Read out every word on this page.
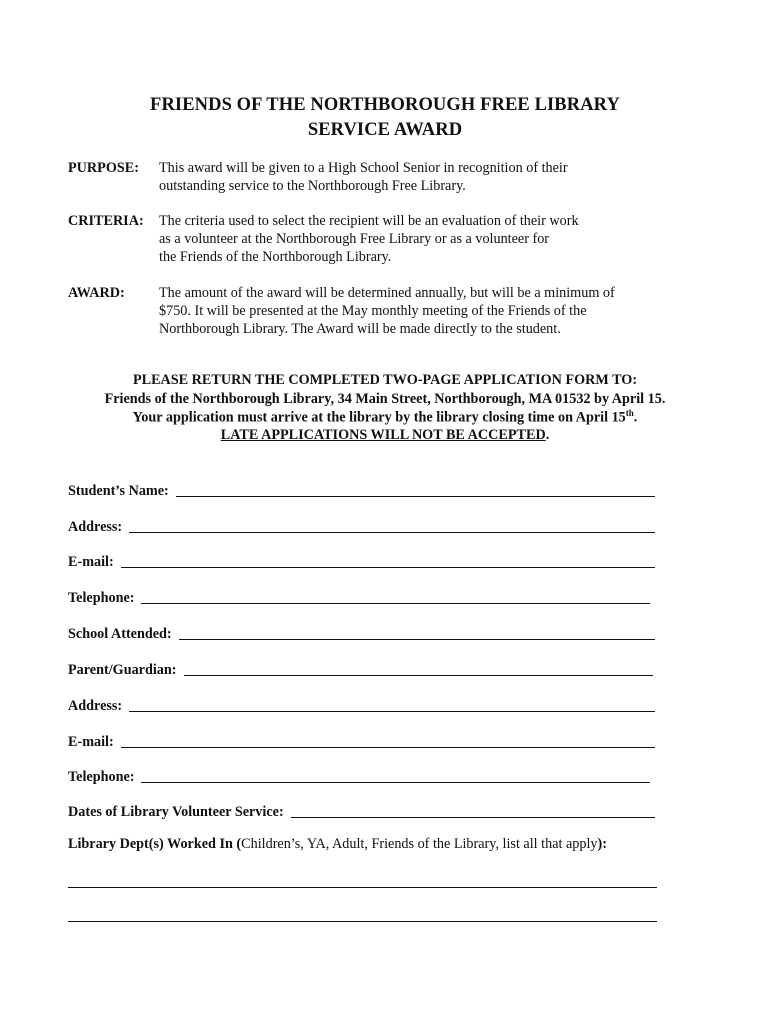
FRIENDS OF THE NORTHBOROUGH FREE LIBRARY
SERVICE AWARD
PURPOSE: This award will be given to a High School Senior in recognition of their
outstanding service to the Northborough Free Library.
CRITERIA: The criteria used to select the recipient will be an evaluation of their work
as a volunteer at the Northborough Free Library or as a volunteer for
the Friends of the Northborough Library.
AWARD: The amount of the award will be determined annually, but will be a minimum of
$750. It will be presented at the May monthly meeting of the Friends of the
Northborough Library. The Award will be made directly to the student.
PLEASE RETURN THE COMPLETED TWO-PAGE APPLICATION FORM TO:
Friends of the Northborough Library, 34 Main Street, Northborough, MA 01532 by April 15.
Your application must arrive at the library by the library closing time on April 15th.
LATE APPLICATIONS WILL NOT BE ACCEPTED.
Student’s Name:
Address:
E-mail:
Telephone:
School Attended:
Parent/Guardian:
Address:
E-mail:
Telephone:
Dates of Library Volunteer Service:
Library Dept(s) Worked In (Children’s, YA, Adult, Friends of the Library, list all that apply):
